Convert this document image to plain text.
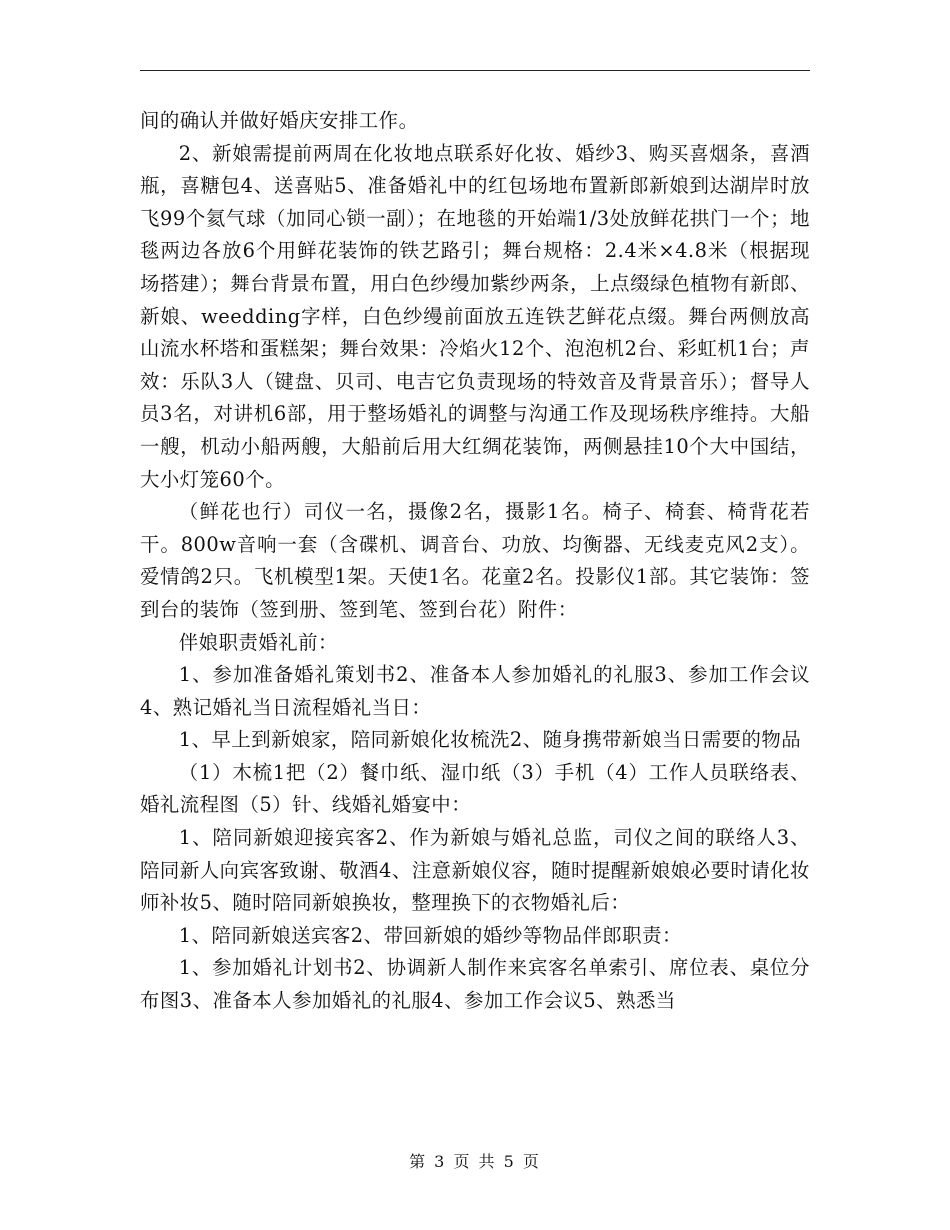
间的确认并做好婚庆安排工作。

2、新娘需提前两周在化妆地点联系好化妆、婚纱3、购买喜烟条，喜酒瓶，喜糖包4、送喜贴5、准备婚礼中的红包场地布置新郎新娘到达湖岸时放飞99个氦气球（加同心锁一副）；在地毯的开始端1/3处放鲜花拱门一个；地毯两边各放6个用鲜花装饰的铁艺路引；舞台规格：2.4米×4.8米（根据现场搭建）；舞台背景布置，用白色纱缦加紫纱两条，上点缀绿色植物有新郎、新娘、weedding字样，白色纱缦前面放五连铁艺鲜花点缀。舞台两侧放高山流水杯塔和蛋糕架；舞台效果：冷焰火12个、泡泡机2台、彩虹机1台；声效：乐队3人（键盘、贝司、电吉它负责现场的特效音及背景音乐）；督导人员3名，对讲机6部，用于整场婚礼的调整与沟通工作及现场秩序维持。大船一艘，机动小船两艘，大船前后用大红绸花装饰，两侧悬挂10个大中国结，大小灯笼60个。

（鲜花也行）司仪一名，摄像2名，摄影1名。椅子、椅套、椅背花若干。800w音响一套（含碟机、调音台、功放、均衡器、无线麦克风2支）。爱情鸽2只。飞机模型1架。天使1名。花童2名。投影仪1部。其它装饰：签到台的装饰（签到册、签到笔、签到台花）附件：

伴娘职责婚礼前：

1、参加准备婚礼策划书2、准备本人参加婚礼的礼服3、参加工作会议4、熟记婚礼当日流程婚礼当日：

1、早上到新娘家，陪同新娘化妆梳洗2、随身携带新娘当日需要的物品

（1）木梳1把（2）餐巾纸、湿巾纸（3）手机（4）工作人员联络表、婚礼流程图（5）针、线婚礼婚宴中：

1、陪同新娘迎接宾客2、作为新娘与婚礼总监，司仪之间的联络人3、陪同新人向宾客致谢、敬酒4、注意新娘仪容，随时提醒新娘娘必要时请化妆师补妆5、随时陪同新娘换妆，整理换下的衣物婚礼后：

1、陪同新娘送宾客2、带回新娘的婚纱等物品伴郎职责：

1、参加婚礼计划书2、协调新人制作来宾客名单索引、席位表、桌位分布图3、准备本人参加婚礼的礼服4、参加工作会议5、熟悉当

第 3 页 共 5 页
